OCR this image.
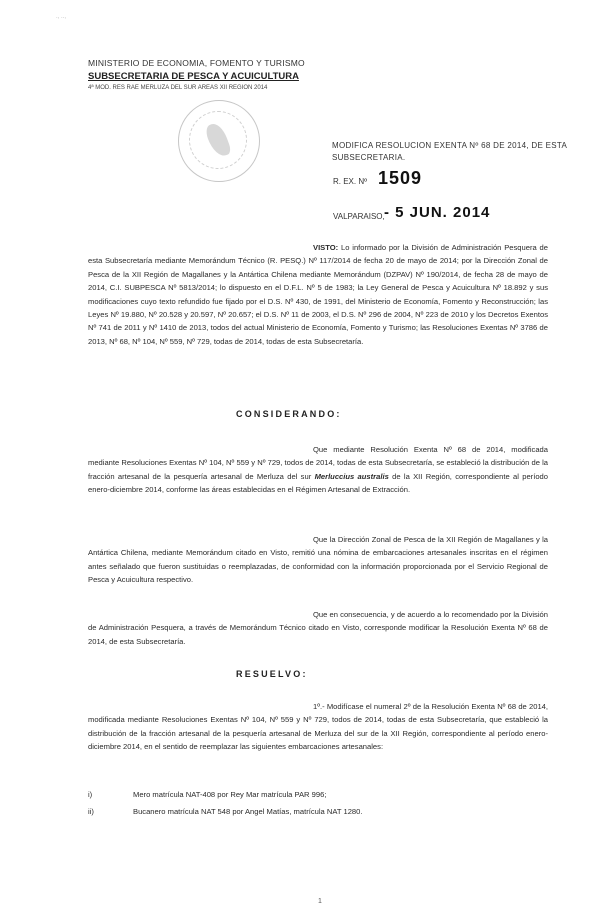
., ..,
MINISTERIO DE ECONOMIA, FOMENTO Y TURISMO
SUBSECRETARIA DE PESCA Y ACUICULTURA
4ª MOD. RES RAE MERLUZA DEL SUR AREAS XII REGION 2014
MODIFICA RESOLUCION EXENTA Nº 68 DE 2014, DE ESTA SUBSECRETARIA.
R. EX. Nº 1509
VALPARAISO, - 5 JUN. 2014
VISTO: Lo informado por la División de Administración Pesquera de esta Subsecretaría mediante Memorándum Técnico (R. PESQ.) Nº 117/2014 de fecha 20 de mayo de 2014; por la Dirección Zonal de Pesca de la XII Región de Magallanes y la Antártica Chilena mediante Memorándum (DZPAV) Nº 190/2014, de fecha 28 de mayo de 2014, C.I. SUBPESCA Nº 5813/2014; lo dispuesto en el D.F.L. Nº 5 de 1983; la Ley General de Pesca y Acuicultura Nº 18.892 y sus modificaciones cuyo texto refundido fue fijado por el D.S. Nº 430, de 1991, del Ministerio de Economía, Fomento y Reconstrucción; las Leyes Nº 19.880, Nº 20.528 y 20.597, Nº 20.657; el D.S. Nº 11 de 2003, el D.S. Nº 296 de 2004, Nº 223 de 2010 y los Decretos Exentos Nº 741 de 2011 y Nº 1410 de 2013, todos del actual Ministerio de Economía, Fomento y Turismo; las Resoluciones Exentas Nº 3786 de 2013, Nº 68, Nº 104, Nº 559, Nº 729, todas de 2014, todas de esta Subsecretaría.
CONSIDERANDO:
Que mediante Resolución Exenta Nº 68 de 2014, modificada mediante Resoluciones Exentas Nº 104, Nº 559 y Nº 729, todos de 2014, todas de esta Subsecretaría, se estableció la distribución de la fracción artesanal de la pesquería artesanal de Merluza del sur Merluccius australis de la XII Región, correspondiente al período enero-diciembre 2014, conforme las áreas establecidas en el Régimen Artesanal de Extracción.
Que la Dirección Zonal de Pesca de la XII Región de Magallanes y la Antártica Chilena, mediante Memorándum citado en Visto, remitió una nómina de embarcaciones artesanales inscritas en el régimen antes señalado que fueron sustituidas o reemplazadas, de conformidad con la información proporcionada por el Servicio Regional de Pesca y Acuicultura respectivo.
Que en consecuencia, y de acuerdo a lo recomendado por la División de Administración Pesquera, a través de Memorándum Técnico citado en Visto, corresponde modificar la Resolución Exenta Nº 68 de 2014, de esta Subsecretaría.
RESUELVO:
1º.- Modifícase el numeral 2º de la Resolución Exenta Nº 68 de 2014, modificada mediante Resoluciones Exentas Nº 104, Nº 559 y Nº 729, todos de 2014, todas de esta Subsecretaría, que estableció la distribución de la fracción artesanal de la pesquería artesanal de Merluza del sur de la XII Región, correspondiente al período enero-diciembre 2014, en el sentido de reemplazar las siguientes embarcaciones artesanales:
i)	Mero matrícula NAT-408 por Rey Mar matrícula PAR 996;
ii)	Bucanero matrícula NAT 548 por Angel Matías, matrícula NAT 1280.
1
